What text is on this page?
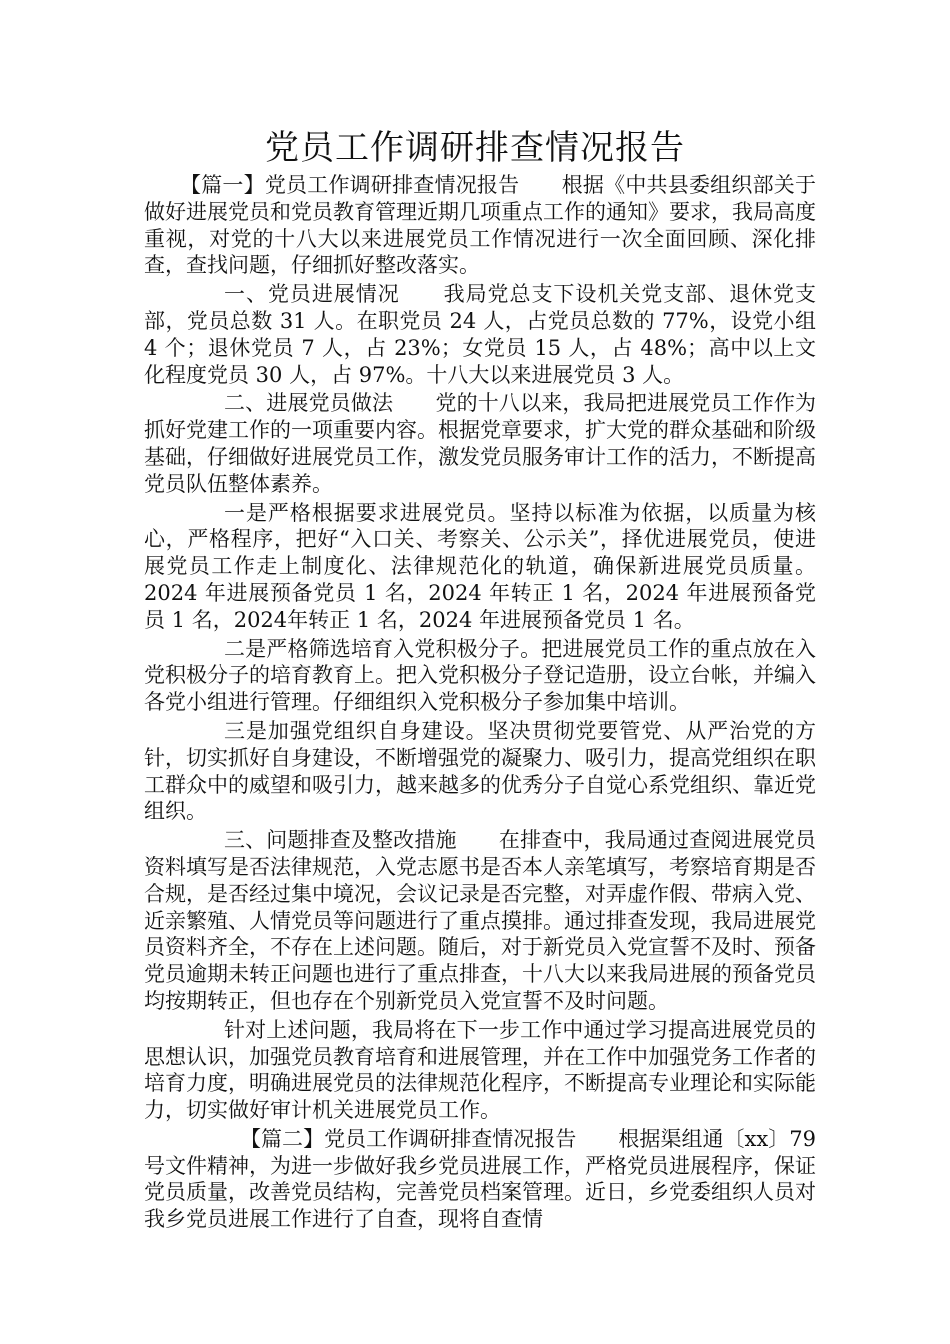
党员工作调研排查情况报告

【篇一】党员工作调研排查情况报告　　根据《中共县委组织部关于做好进展党员和党员教育管理近期几项重点工作的通知》要求，我局高度重视，对党的十八大以来进展党员工作情况进行一次全面回顾、深化排查，查找问题，仔细抓好整改落实。

一、党员进展情况　　我局党总支下设机关党支部、退休党支部，党员总数 31 人。在职党员 24 人，占党员总数的 77%，设党小组 4 个；退休党员 7 人，占 23%；女党员 15 人，占 48%；高中以上文化程度党员 30 人，占 97%。十八大以来进展党员 3 人。

二、进展党员做法　　党的十八以来，我局把进展党员工作作为抓好党建工作的一项重要内容。根据党章要求，扩大党的群众基础和阶级基础，仔细做好进展党员工作，激发党员服务审计工作的活力，不断提高党员队伍整体素养。

一是严格根据要求进展党员。坚持以标准为依据，以质量为核心，严格程序，把好“入口关、考察关、公示关”，择优进展党员，使进展党员工作走上制度化、法律规范化的轨道，确保新进展党员质量。2024 年进展预备党员 1 名，2024 年转正 1 名，2024 年进展预备党员 1 名，2024年转正 1 名，2024 年进展预备党员 1 名。

二是严格筛选培育入党积极分子。把进展党员工作的重点放在入党积极分子的培育教育上。把入党积极分子登记造册，设立台帐，并编入各党小组进行管理。仔细组织入党积极分子参加集中培训。

三是加强党组织自身建设。坚决贯彻党要管党、从严治党的方针，切实抓好自身建设，不断增强党的凝聚力、吸引力，提高党组织在职工群众中的威望和吸引力，越来越多的优秀分子自觉心系党组织、靠近党组织。

三、问题排查及整改措施　　在排查中，我局通过查阅进展党员资料填写是否法律规范，入党志愿书是否本人亲笔填写，考察培育期是否合规，是否经过集中境况，会议记录是否完整，对弄虚作假、带病入党、近亲繁殖、人情党员等问题进行了重点摸排。通过排查发现，我局进展党员资料齐全，不存在上述问题。随后，对于新党员入党宣誓不及时、预备党员逾期未转正问题也进行了重点排查，十八大以来我局进展的预备党员均按期转正，但也存在个别新党员入党宣誓不及时问题。

针对上述问题，我局将在下一步工作中通过学习提高进展党员的思想认识，加强党员教育培育和进展管理，并在工作中加强党务工作者的培育力度，明确进展党员的法律规范化程序，不断提高专业理论和实际能力，切实做好审计机关进展党员工作。

【篇二】党员工作调研排查情况报告　　根据渠组通〔xx〕79 号文件精神，为进一步做好我乡党员进展工作，严格党员进展程序，保证党员质量，改善党员结构，完善党员档案管理。近日，乡党委组织人员对我乡党员进展工作进行了自查，现将自查情
